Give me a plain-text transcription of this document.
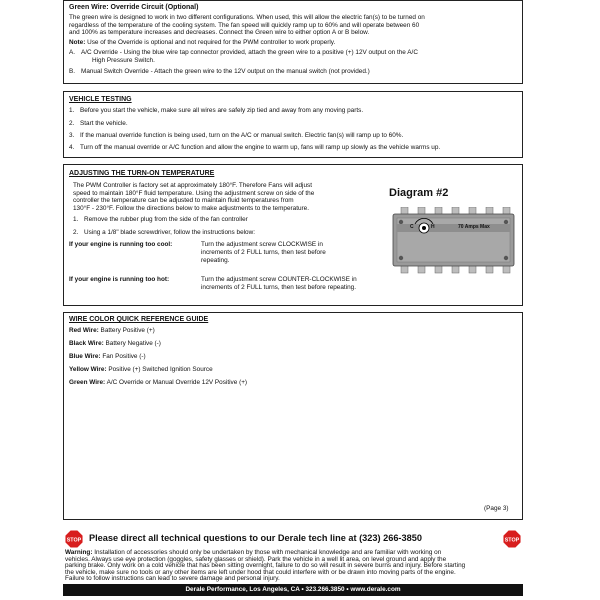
Green Wire: Override Circuit (Optional)
The green wire is designed to work in two different configurations. When used, this will allow the electric fan(s) to be turned on
regardless of the temperature of the cooling system. The fan speed will quickly ramp up to 60% and will operate between 60
and 100% as temperature increases and decreases. Connect the Green wire to either option A or B below.
Note: Use of the Override is optional and not required for the PWM controller to work properly.
A. A/C Override - Using the blue wire tap connector provided, attach the green wire to a positive (+) 12V output on the A/C
High Pressure Switch.
B. Manual Switch Override - Attach the green wire to the 12V output on the manual switch (not provided.)
VEHICLE TESTING
1. Before you start the vehicle, make sure all wires are safely zip tied and away from any moving parts.
2. Start the vehicle.
3. If the manual override function is being used, turn on the A/C or manual switch. Electric fan(s) will ramp up to 60%.
4. Turn off the manual override or A/C function and allow the engine to warm up, fans will ramp up slowly as the vehicle warms up.
ADJUSTING THE TURN-ON TEMPERATURE
The PWM Controller is factory set at approximately 180°F. Therefore Fans will adjust
speed to maintain 180°F fluid temperature. Using the adjustment screw on side of the
controller the temperature can be adjusted to maintain fluid temperatures from
130°F - 230°F. Follow the directions below to make adjustments to the temperature.
1. Remove the rubber plug from the side of the fan controller
2. Using a 1/8" blade screwdriver, follow the instructions below:
If your engine is running too cool:	Turn the adjustment screw CLOCKWISE in
increments of 2 FULL turns, then test before
repeating.
If your engine is running too hot:	Turn the adjustment screw COUNTER-CLOCKWISE in
increments of 2 FULL turns, then test before repeating.
Diagram #2
C	H	70 Amps Max
WIRE COLOR QUICK REFERENCE GUIDE
Red Wire: Battery Positive (+)
Black Wire: Battery Negative (-)
Blue Wire: Fan Positive (-)
Yellow Wire: Positive (+) Switched Ignition Source
Green Wire: A/C Override or Manual Override 12V Positive (+)
(Page 3)
STOP Please direct all technical questions to our Derale tech line at (323) 266-3850	STOP
Warning: Installation of accessories should only be undertaken by those with mechanical knowledge and are familiar with working on
vehicles. Always use eye protection (goggles, safety glasses or shield). Park the vehicle in a well lit area, on level ground and apply the
parking brake. Only work on a cold vehicle that has been sitting overnight, failure to do so will result in severe burns and injury. Before starting
the vehicle, make sure no tools or any other items are left under hood that could interfere with or be drawn into moving parts of the engine.
Failure to follow instructions can lead to severe damage and personal injury.
Derale Performance, Los Angeles, CA • 323.266.3850 • www.derale.com
